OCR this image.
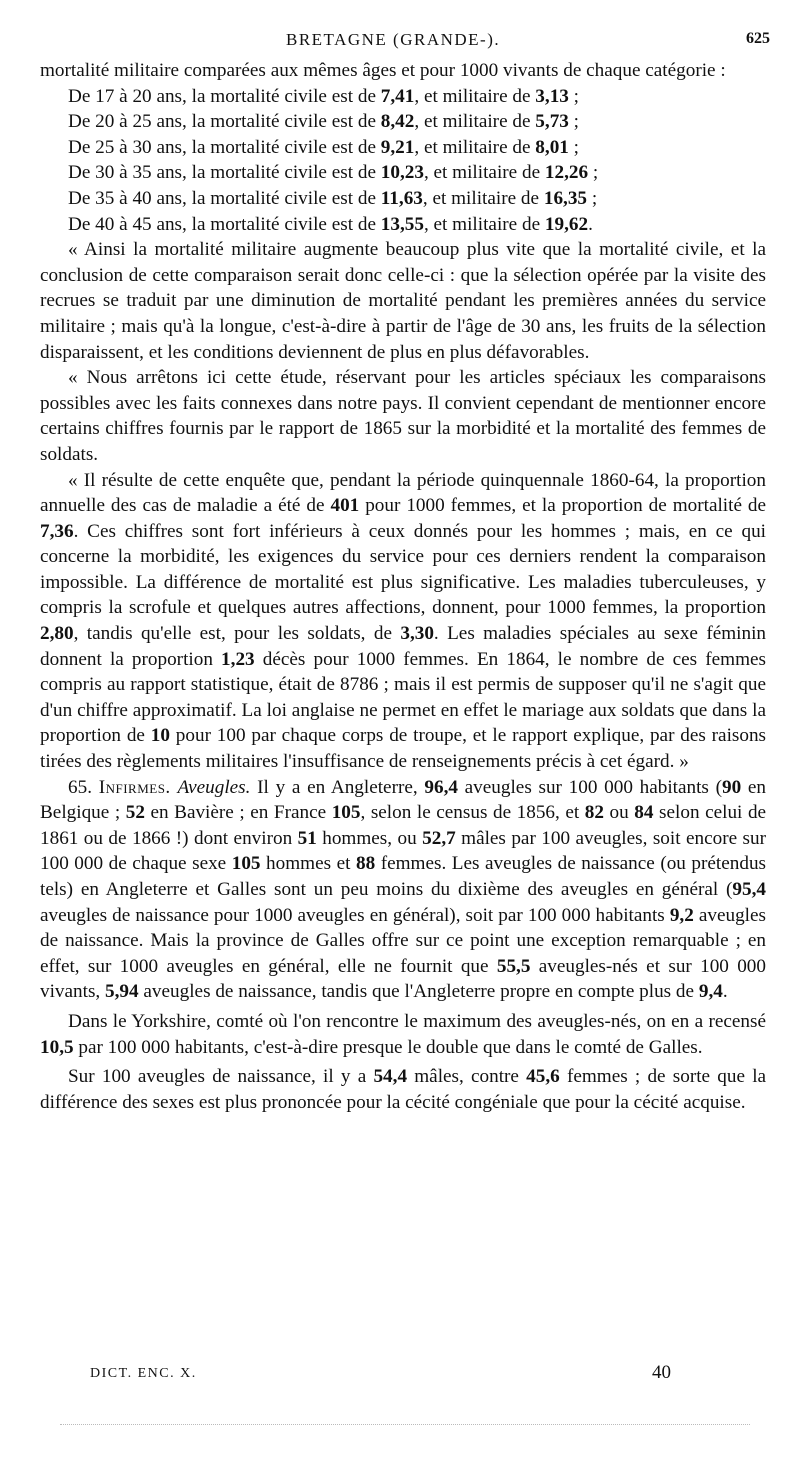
BRETAGNE (GRANDE-).	625

mortalité militaire comparées aux mêmes âges et pour 1000 vivants de chaque catégorie :

De 17 à 20 ans, la mortalité civile est de 7,41, et militaire de 3,13 ;
De 20 à 25 ans, la mortalité civile est de 8,42, et militaire de 5,73 ;
De 25 à 30 ans, la mortalité civile est de 9,21, et militaire de 8,01 ;
De 30 à 35 ans, la mortalité civile est de 10,23, et militaire de 12,26 ;
De 35 à 40 ans, la mortalité civile est de 11,63, et militaire de 16,35 ;
De 40 à 45 ans, la mortalité civile est de 13,55, et militaire de 19,62.

« Ainsi la mortalité militaire augmente beaucoup plus vite que la mortalité civile, et la conclusion de cette comparaison serait donc celle-ci : que la sélection opérée par la visite des recrues se traduit par une diminution de mortalité pendant les premières années du service militaire ; mais qu'à la longue, c'est-à-dire à partir de l'âge de 30 ans, les fruits de la sélection disparaissent, et les conditions deviennent de plus en plus défavorables.

« Nous arrêtons ici cette étude, réservant pour les articles spéciaux les comparaisons possibles avec les faits connexes dans notre pays. Il convient cependant de mentionner encore certains chiffres fournis par le rapport de 1865 sur la morbidité et la mortalité des femmes de soldats.

« Il résulte de cette enquête que, pendant la période quinquennale 1860-64, la proportion annuelle des cas de maladie a été de 401 pour 1000 femmes, et la proportion de mortalité de 7,36. Ces chiffres sont fort inférieurs à ceux donnés pour les hommes ; mais, en ce qui concerne la morbidité, les exigences du service pour ces derniers rendent la comparaison impossible. La différence de mortalité est plus significative. Les maladies tuberculeuses, y compris la scrofule et quelques autres affections, donnent, pour 1000 femmes, la proportion 2,80, tandis qu'elle est, pour les soldats, de 3,30. Les maladies spéciales au sexe féminin donnent la proportion 1,23 décès pour 1000 femmes. En 1864, le nombre de ces femmes compris au rapport statistique, était de 8786 ; mais il est permis de supposer qu'il ne s'agit que d'un chiffre approximatif. La loi anglaise ne permet en effet le mariage aux soldats que dans la proportion de 10 pour 100 par chaque corps de troupe, et le rapport explique, par des raisons tirées des règlements militaires l'insuffisance de renseignements précis à cet égard. »

65. Infirmes. Aveugles. Il y a en Angleterre, 96,4 aveugles sur 100 000 habitants (90 en Belgique ; 52 en Bavière ; en France 105, selon le census de 1856, et 82 ou 84 selon celui de 1861 ou de 1866 !) dont environ 51 hommes, ou 52,7 mâles par 100 aveugles, soit encore sur 100 000 de chaque sexe 105 hommes et 88 femmes. Les aveugles de naissance (ou prétendus tels) en Angleterre et Galles sont un peu moins du dixième des aveugles en général (95,4 aveugles de naissance pour 1000 aveugles en général), soit par 100 000 habitants 9,2 aveugles de naissance. Mais la province de Galles offre sur ce point une exception remarquable ; en effet, sur 1000 aveugles en général, elle ne fournit que 55,5 aveugles-nés et sur 100 000 vivants, 5,94 aveugles de naissance, tandis que l'Angleterre propre en compte plus de 9,4.

Dans le Yorkshire, comté où l'on rencontre le maximum des aveugles-nés, on en a recensé 10,5 par 100 000 habitants, c'est-à-dire presque le double que dans le comté de Galles.

Sur 100 aveugles de naissance, il y a 54,4 mâles, contre 45,6 femmes ; de sorte que la différence des sexes est plus prononcée pour la cécité congéniale que pour la cécité acquise.

DICT. ENC. X.	40
